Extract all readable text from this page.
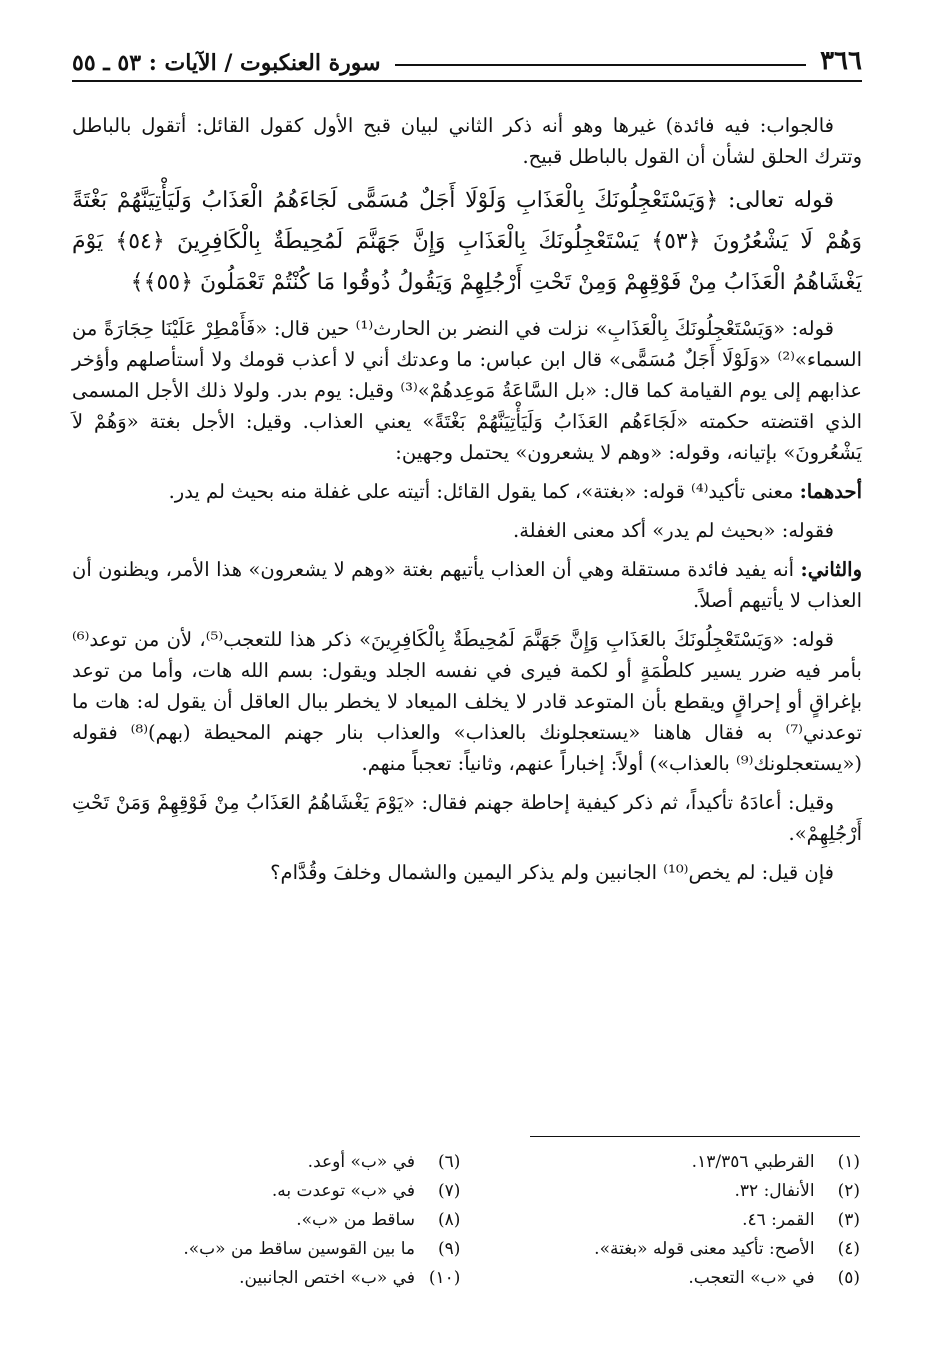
٣٦٦
سورة العنكبوت / الآيات : ٥٣ ـ ٥٥

فالجواب: فيه فائدة) غيرها وهو أنه ذكر الثاني لبيان قبح الأول كقول القائل: أتقول بالباطل وتترك الحلق لشأن أن القول بالباطل قبيح.

قوله تعالى: ﴿وَيَسْتَعْجِلُونَكَ بِالْعَذَابِ وَلَوْلَا أَجَلٌ مُسَمًّى لَجَاءَهُمُ الْعَذَابُ وَلَيَأْتِيَنَّهُمْ بَغْتَةً وَهُمْ لَا يَشْعُرُونَ ﴿٥٣﴾ يَسْتَعْجِلُونَكَ بِالْعَذَابِ وَإِنَّ جَهَنَّمَ لَمُحِيطَةٌ بِالْكَافِرِينَ ﴿٥٤﴾ يَوْمَ يَغْشَاهُمُ الْعَذَابُ مِنْ فَوْقِهِمْ وَمِنْ تَحْتِ أَرْجُلِهِمْ وَيَقُولُ ذُوقُوا مَا كُنْتُمْ تَعْمَلُونَ ﴿٥٥﴾﴾

قوله: «وَيَسْتَعْجِلُونَكَ بِالْعَذَابِ» نزلت في النضر بن الحارث⁽¹⁾ حين قال: «فَأَمْطِرْ عَلَيْنَا حِجَارَةً من السماء»⁽²⁾ «وَلَوْلَا أَجَلٌ مُسَمًّى» قال ابن عباس: ما وعدتك أني لا أعذب قومك ولا أستأصلهم وأؤخر عذابهم إلى يوم القيامة كما قال: «بل السَّاعَةُ مَوعِدهُمْ»⁽³⁾ وقيل: يوم بدر. ولولا ذلك الأجل المسمى الذي اقتضته حكمته «لَجَاءَهُم العَذَابُ وَلَيَأْتِيَنَّهُمْ بَغْتَةً» يعني العذاب. وقيل: الأجل بغتة «وَهُمْ لاَ يَشْعُرونَ» بإتيانه، وقوله: «وهم لا يشعرون» يحتمل وجهين:

أحدهما: معنى تأكيد⁽⁴⁾ قوله: «بغتة»، كما يقول القائل: أتيته على غفلة منه بحيث لم يدر.

فقوله: «بحيث لم يدر» أكد معنى الغفلة.

والثاني: أنه يفيد فائدة مستقلة وهي أن العذاب يأتيهم بغتة «وهم لا يشعرون» هذا الأمر، ويظنون أن العذاب لا يأتيهم أصلاً.

قوله: «وَيَسْتَعْجِلُونَكَ بالعَذَابِ وَإِنَّ جَهَنَّمَ لَمُحِيطَةٌ بِالْكَافِرِينَ» ذكر هذا للتعجب⁽⁵⁾، لأن من توعد⁽⁶⁾ بأمر فيه ضرر يسير كلطْمَةٍ أو لكمة فيرى في نفسه الجلد ويقول: بسم الله هات، وأما من توعد بإغراقٍ أو إحراقٍ ويقطع بأن المتوعد قادر لا يخلف الميعاد لا يخطر ببال العاقل أن يقول له: هات ما توعدني⁽⁷⁾ به فقال هاهنا «يستعجلونك بالعذاب» والعذاب بنار جهنم المحيطة (بهم)⁽⁸⁾ فقوله («يستعجلونك⁽⁹⁾ بالعذاب») أولاً: إخباراً عنهم، وثانياً: تعجباً منهم.

وقيل: أعادَهُ تأكيداً، ثم ذكر كيفية إحاطة جهنم فقال: «يَوْمَ يَغْشَاهُمُ العَذَابُ مِنْ فَوْقِهِمْ وَمَنْ تَحْتِ أَرْجُلِهِمْ».

فإن قيل: لم يخص⁽¹⁰⁾ الجانبين ولم يذكر اليمين والشمال وخلفَ وقُدَّام؟

(١) القرطبي ١٣/٣٥٦.
(٢) الأنفال: ٣٢.
(٣) القمر: ٤٦.
(٤) الأصح: تأكيد معنى قوله «بغتة».
(٥) في «ب» التعجب.
(٦) في «ب» أوعد.
(٧) في «ب» توعدت به.
(٨) ساقط من «ب».
(٩) ما بين القوسين ساقط من «ب».
(١٠) في «ب» اختص الجانبين.
